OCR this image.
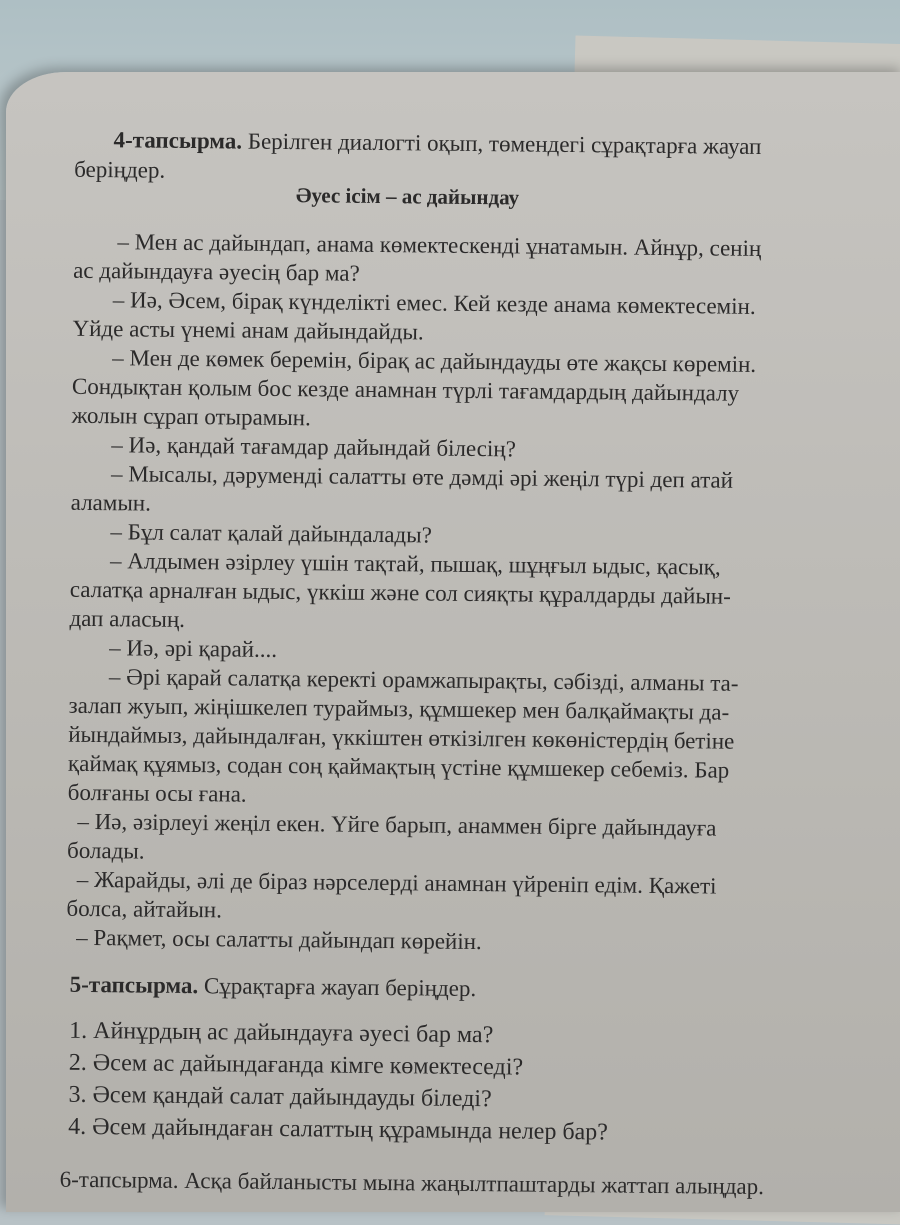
4-тапсырма. Берілген диалогті оқып, төмендегі сұрақтарға жауап
беріңдер.
Әуес ісім – ас дайындау
– Мен ас дайындап, анама көмектескенді ұнатамын. Айнұр, сенің
ас дайындауға әуесің бар ма?
– Иә, Әсем, бірақ күнделікті емес. Кей кезде анама көмектесемін.
Үйде асты үнемі анам дайындайды.
– Мен де көмек беремін, бірақ ас дайындауды өте жақсы көремін.
Сондықтан қолым бос кезде анамнан түрлі тағамдардың дайындалу
жолын сұрап отырамын.
– Иә, қандай тағамдар дайындай білесің?
– Мысалы, дәруменді салатты өте дәмді әрі жеңіл түрі деп атай
аламын.
– Бұл салат қалай дайындалады?
– Алдымен әзірлеу үшін тақтай, пышақ, шұңғыл ыдыс, қасық,
салатқа арналған ыдыс, үккіш және сол сияқты құралдарды дайын-
дап аласың.
– Иә, әрі қарай....
– Әрі қарай салатқа керекті орамжапырақты, сәбізді, алманы та-
залап жуып, жіңішкелеп тураймыз, құмшекер мен балқаймақты да-
йындаймыз, дайындалған, үккіштен өткізілген көкөністердің бетіне
қаймақ құямыз, содан соң қаймақтың үстіне құмшекер себеміз. Бар
болғаны осы ғана.
– Иә, әзірлеуі жеңіл екен. Үйге барып, анаммен бірге дайындауға
болады.
– Жарайды, әлі де біраз нәрселерді анамнан үйреніп едім. Қажеті
болса, айтайын.
– Рақмет, осы салатты дайындап көрейін.
5-тапсырма. Сұрақтарға жауап беріңдер.
1. Айнұрдың ас дайындауға әуесі бар ма?
2. Әсем ас дайындағанда кімге көмектеседі?
3. Әсем қандай салат дайындауды біледі?
4. Әсем дайындаған салаттың құрамында нелер бар?
6-тапсырма. Асқа байланысты мына жаңылтпаштарды жаттап алыңдар.
